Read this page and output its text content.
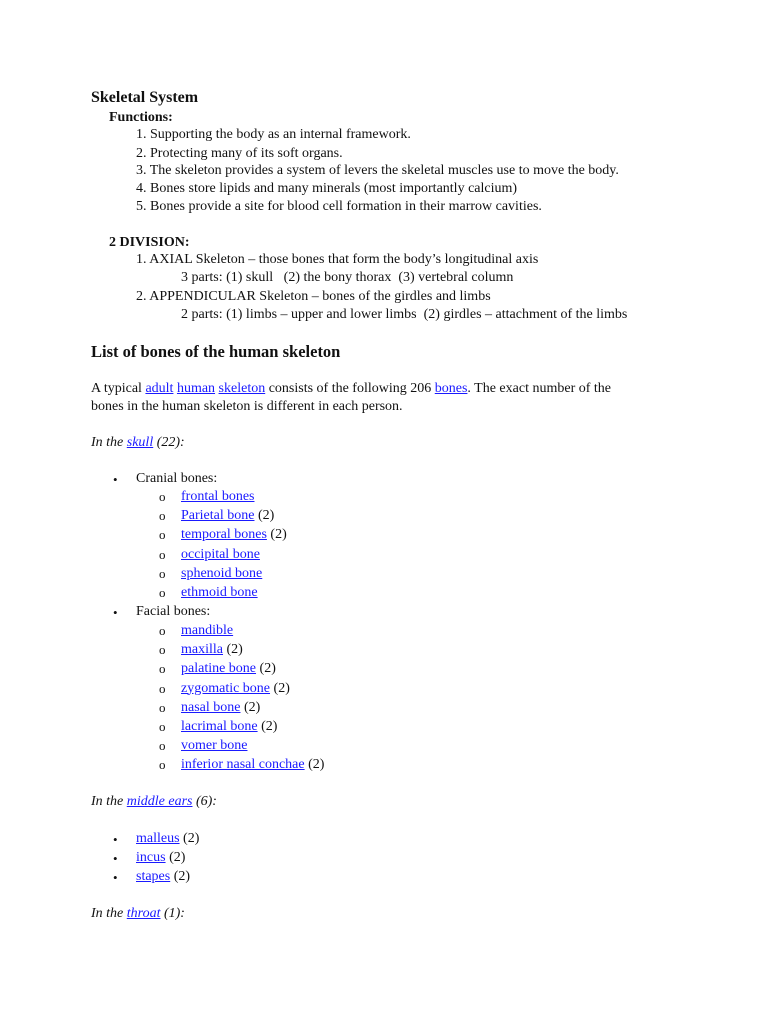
Skeletal System
Functions:
1. Supporting the body as an internal framework.
2. Protecting many of its soft organs.
3. The skeleton provides a system of levers the skeletal muscles use to move the body.
4. Bones store lipids and many minerals (most importantly calcium)
5. Bones provide a site for blood cell formation in their marrow cavities.
2 DIVISION:
1. AXIAL Skeleton – those bones that form the body’s longitudinal axis
3 parts: (1) skull   (2) the bony thorax  (3) vertebral column
2. APPENDICULAR Skeleton – bones of the girdles and limbs
2 parts: (1) limbs – upper and lower limbs  (2) girdles – attachment of the limbs
List of bones of the human skeleton
A typical adult human skeleton consists of the following 206 bones. The exact number of the
bones in the human skeleton is different in each person.
In the skull (22):
• Cranial bones:
o frontal bones
o Parietal bone (2)
o temporal bones (2)
o occipital bone
o sphenoid bone
o ethmoid bone
• Facial bones:
o mandible
o maxilla (2)
o palatine bone (2)
o zygomatic bone (2)
o nasal bone (2)
o lacrimal bone (2)
o vomer bone
o inferior nasal conchae (2)
In the middle ears (6):
• malleus (2)
• incus (2)
• stapes (2)
In the throat (1):
